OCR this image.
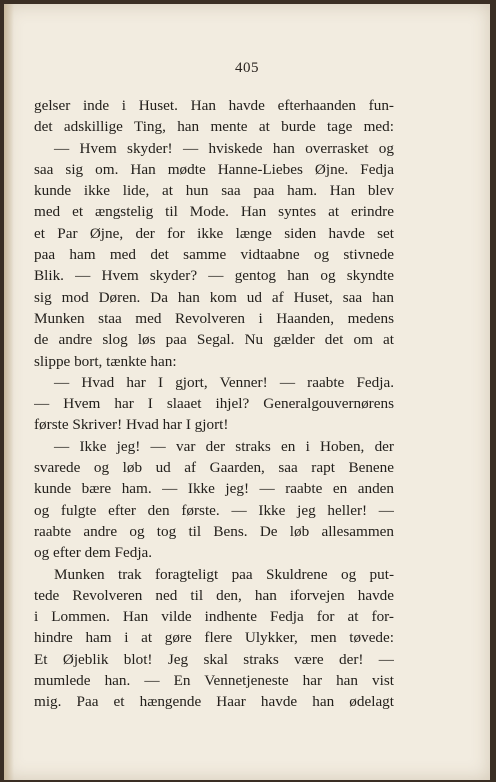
405
gelser inde i Huset. Han havde efterhaanden fun-
det adskillige Ting, han mente at burde tage med:
— Hvem skyder! — hviskede han overrasket og
saa sig om. Han mødte Hanne-Liebes Øjne. Fedja
kunde ikke lide, at hun saa paa ham. Han blev
med et ængstelig til Mode. Han syntes at erindre
et Par Øjne, der for ikke længe siden havde set
paa ham med det samme vidtaabne og stivnede
Blik. — Hvem skyder? — gentog han og skyndte
sig mod Døren. Da han kom ud af Huset, saa han
Munken staa med Revolveren i Haanden, medens
de andre slog løs paa Segal. Nu gælder det om at
slippe bort, tænkte han:
— Hvad har I gjort, Venner! — raabte Fedja.
— Hvem har I slaaet ihjel? Generalgouvernørens
første Skriver! Hvad har I gjort!
— Ikke jeg! — var der straks en i Hoben, der
svarede og løb ud af Gaarden, saa rapt Benene
kunde bære ham. — Ikke jeg! — raabte en anden
og fulgte efter den første. — Ikke jeg heller! —
raabte andre og tog til Bens. De løb allesammen
og efter dem Fedja.
Munken trak foragteligt paa Skuldrene og put-
tede Revolveren ned til den, han iforvejen havde
i Lommen. Han vilde indhente Fedja for at for-
hindre ham i at gøre flere Ulykker, men tøvede:
Et Øjeblik blot! Jeg skal straks være der! —
mumlede han. — En Vennetjeneste har han vist
mig. Paa et hængende Haar havde han ødelagt
